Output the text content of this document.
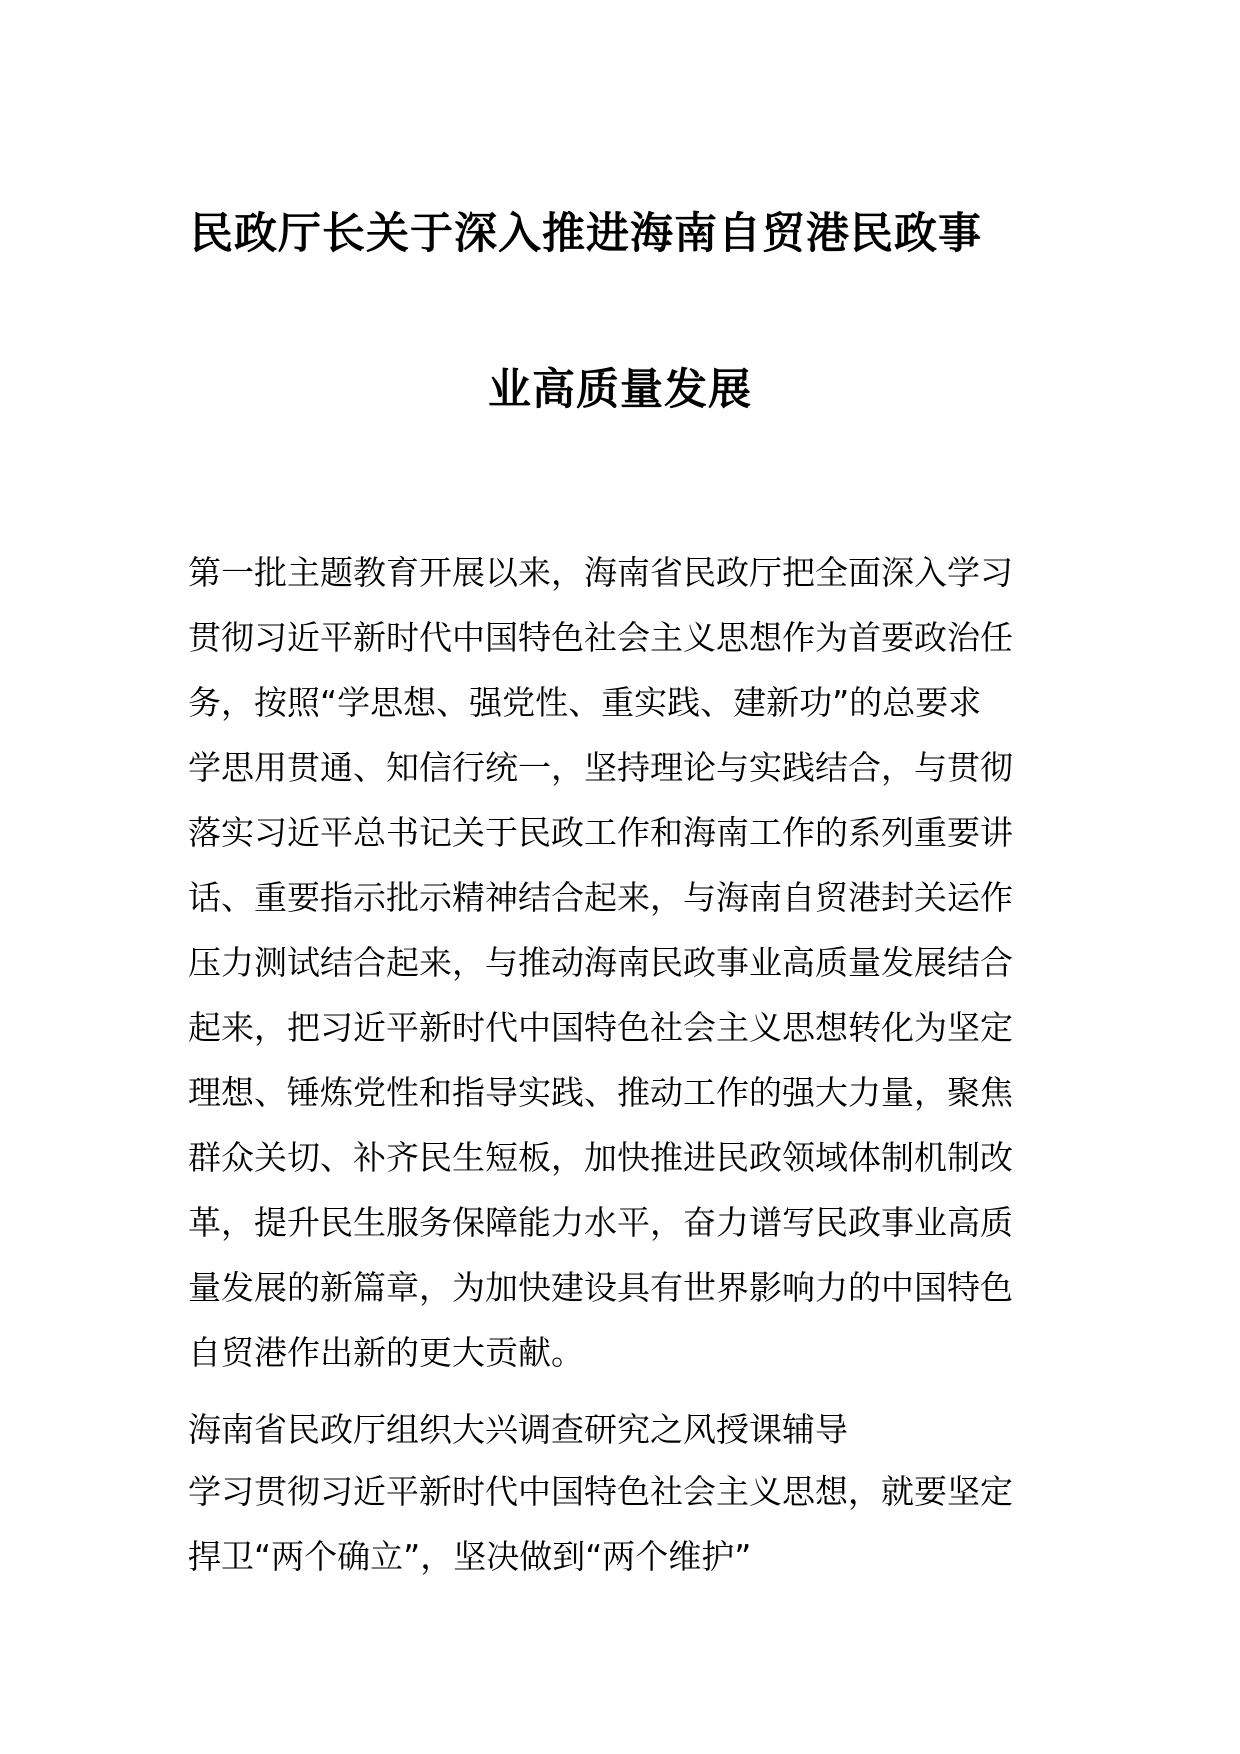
民政厅长关于深入推进海南自贸港民政事
业高质量发展

第一批主题教育开展以来，海南省民政厅把全面深入学习

贯彻习近平新时代中国特色社会主义思想作为首要政治任

务，按照“学思想、强党性、重实践、建新功”的总要求

学思用贯通、知信行统一，坚持理论与实践结合，与贯彻

落实习近平总书记关于民政工作和海南工作的系列重要讲

话、重要指示批示精神结合起来，与海南自贸港封关运作

压力测试结合起来，与推动海南民政事业高质量发展结合

起来，把习近平新时代中国特色社会主义思想转化为坚定

理想、锤炼党性和指导实践、推动工作的强大力量，聚焦

群众关切、补齐民生短板，加快推进民政领域体制机制改

革，提升民生服务保障能力水平，奋力谱写民政事业高质

量发展的新篇章，为加快建设具有世界影响力的中国特色

自贸港作出新的更大贡献。

海南省民政厅组织大兴调查研究之风授课辅导

学习贯彻习近平新时代中国特色社会主义思想，就要坚定

捍卫“两个确立”，坚决做到“两个维护”
